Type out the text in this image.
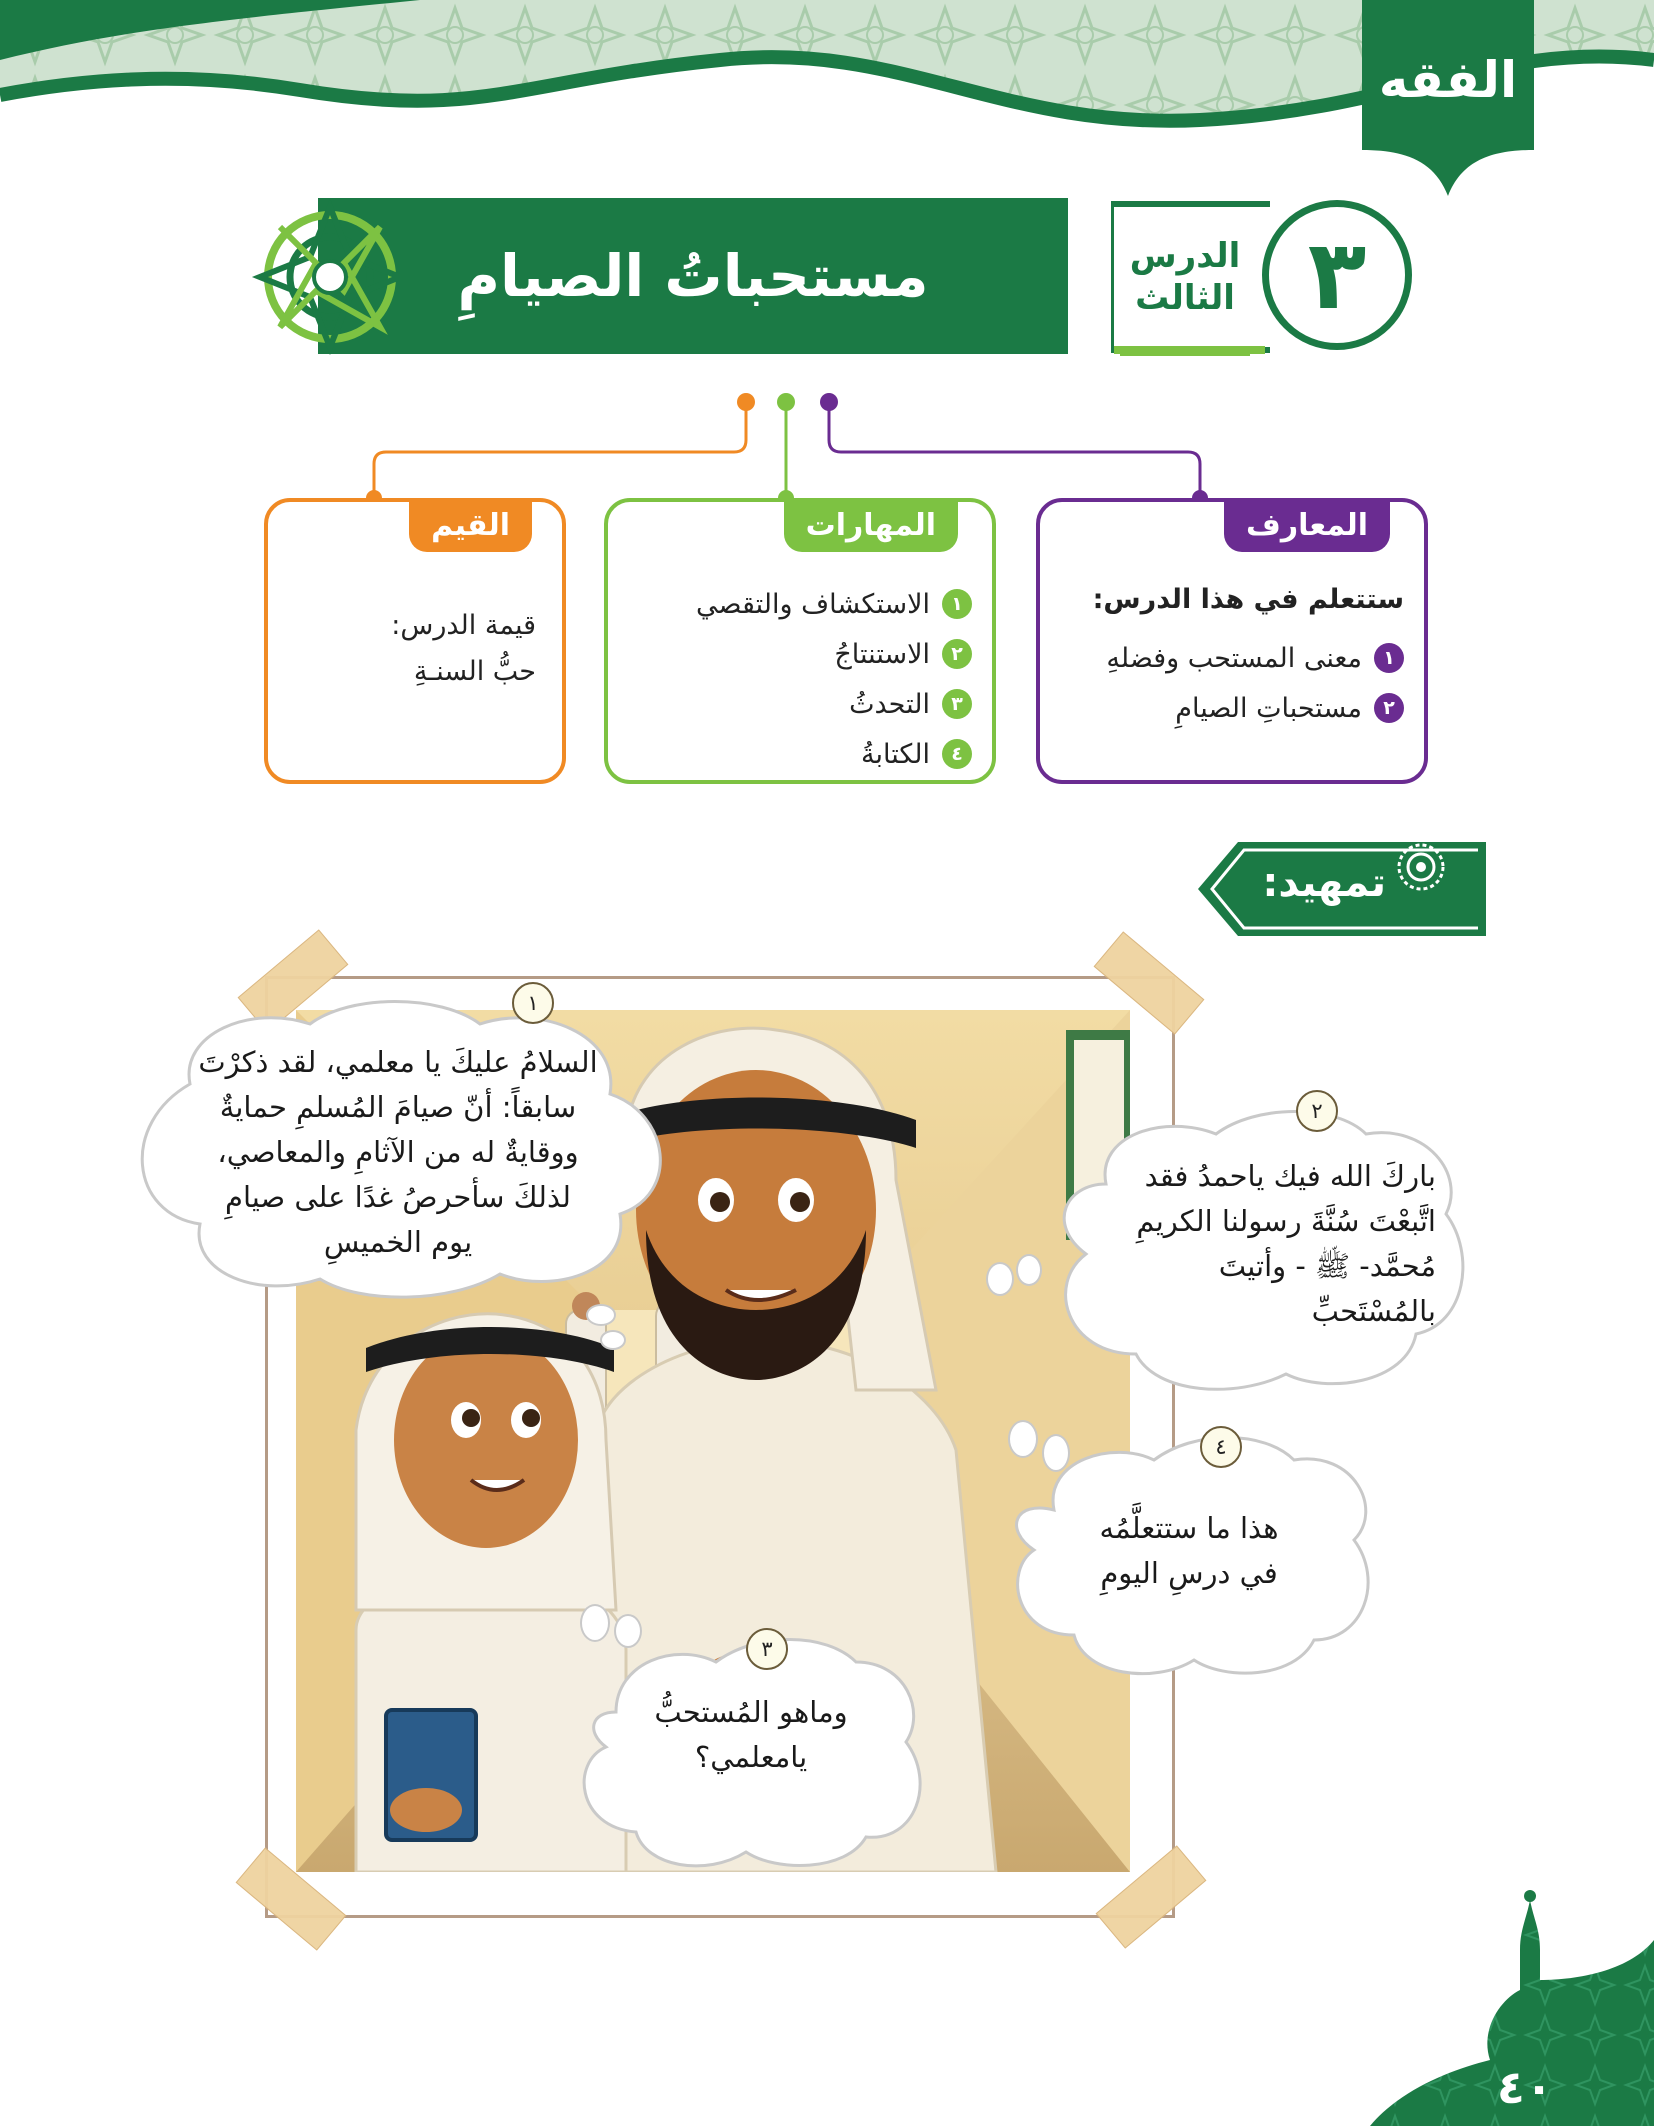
الفقه
٣
الدرس
الثالث
مستحباتُ الصيامِ
المعارف
ستتعلم في هذا الدرس:
١
معنى المستحب وفضلهِ
٢
مستحباتِ الصيامِ
المهارات
١
الاستكشاف والتقصي
٢
الاستنتاجُ
٣
التحدثُ
٤
الكتابةُ
القيم
قيمة الدرس:
حبُّ السنـةِ
تمهيد:
١
السلامُ عليكَ يا معلمي، لقد ذكرْتَ
سابقاً: أنّ صيامَ المُسلمِ حمايةٌ
ووقايةٌ له من الآثامِ والمعاصي،
لذلكَ سأحرصُ غدًا على صيامِ
يوم الخميسِ
٢
باركَ الله فيك ياحمدُ فقد
اتَّبعْتَ سُنَّةَ رسولنا الكريمِ
مُحمَّد- ﷺ - وأتيتَ
بالمُسْتَحبِّ
٤
هذا ما ستتعلَّمُه
في درسِ اليومِ
٣
وماهو المُستحبُّ
يامعلمي؟
٤٠
